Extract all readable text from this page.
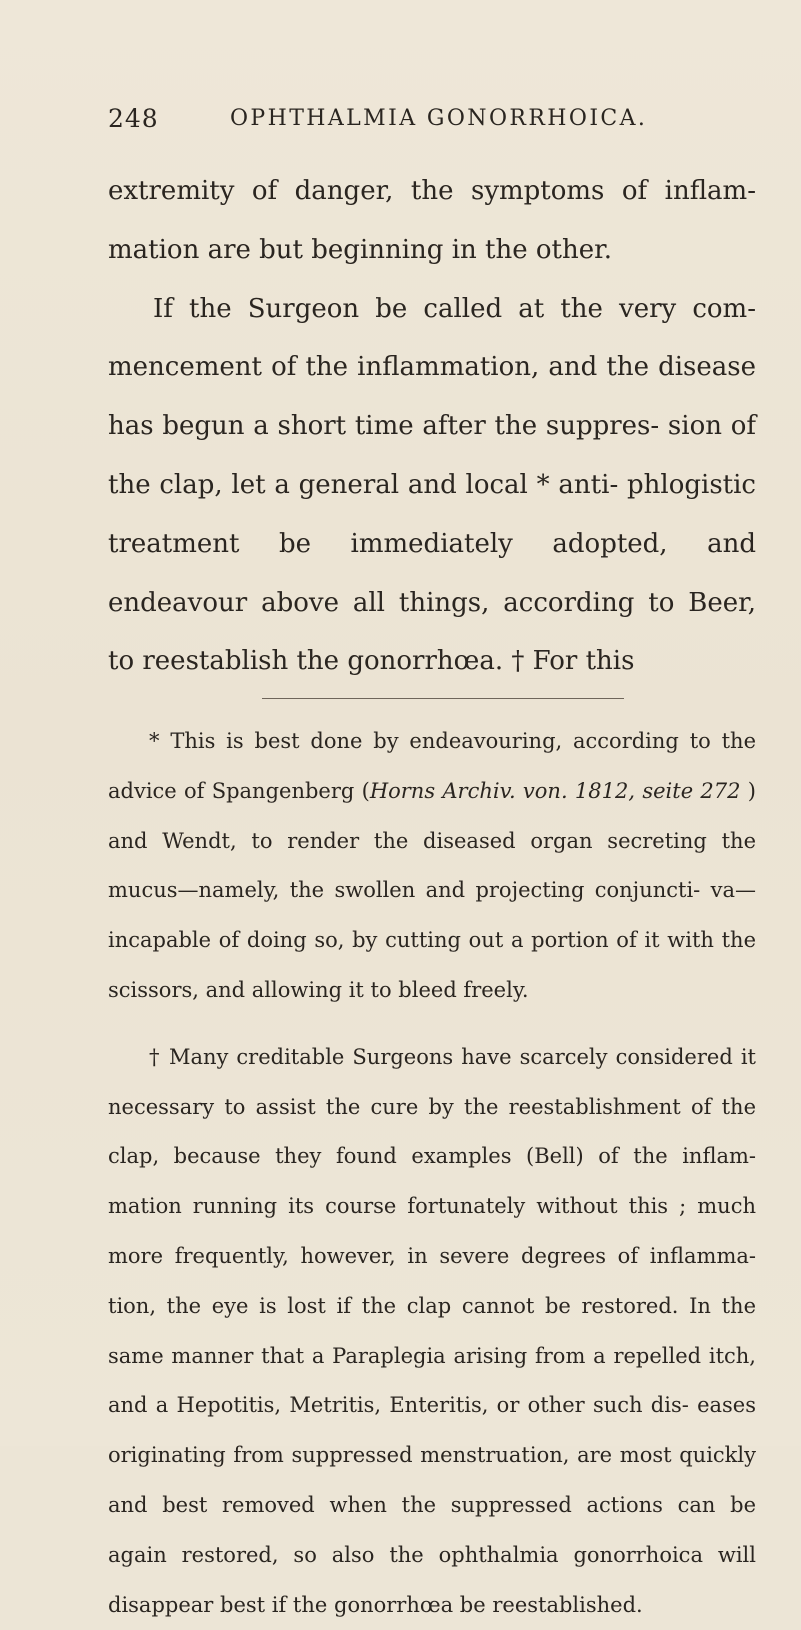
248	OPHTHALMIA GONORRHOICA.

extremity of danger, the symptoms of inflam- mation are but beginning in the other.

If the Surgeon be called at the very com- mencement of the inflammation, and the disease has begun a short time after the suppres- sion of the clap, let a general and local * anti- phlogistic treatment be immediately adopted, and endeavour above all things, according to Beer, to reestablish the gonorrhœa. † For this

* This is best done by endeavouring, according to the advice of Spangenberg (Horns Archiv. von. 1812, seite 272 ) and Wendt, to render the diseased organ secreting the mucus—namely, the swollen and projecting conjuncti- va—incapable of doing so, by cutting out a portion of it with the scissors, and allowing it to bleed freely.

† Many creditable Surgeons have scarcely considered it necessary to assist the cure by the reestablishment of the clap, because they found examples (Bell) of the inflam- mation running its course fortunately without this ; much more frequently, however, in severe degrees of inflamma- tion, the eye is lost if the clap cannot be restored. In the same manner that a Paraplegia arising from a repelled itch, and a Hepotitis, Metritis, Enteritis, or other such dis- eases originating from suppressed menstruation, are most quickly and best removed when the suppressed actions can be again restored, so also the ophthalmia gonorrhoica will disappear best if the gonorrhœa be reestablished.
